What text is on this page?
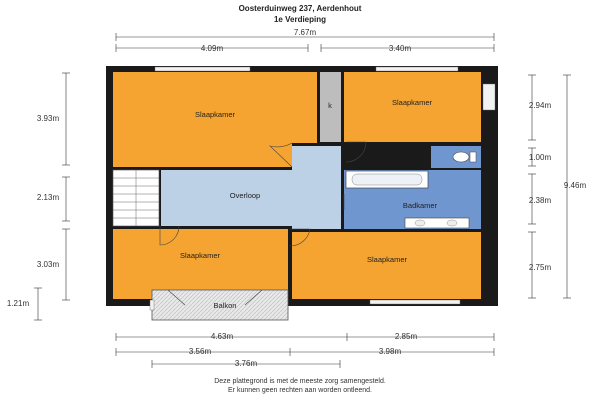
Oosterduinweg 237, Aerdenhout
1e Verdieping
7.67m
4.09m	3.40m
3.93m
2.13m
3.03m
1.21m
2.94m
1.00m
2.38m
2.75m
9.46m
4.63m	2.85m
3.56m	3.98m
3.76m
Slaapkamer
Slaapkamer
k
Overloop
Badkamer
Slaapkamer	Slaapkamer
Balkon
Deze plattegrond is met de meeste zorg samengesteld.
Er kunnen geen rechten aan worden ontleend.
